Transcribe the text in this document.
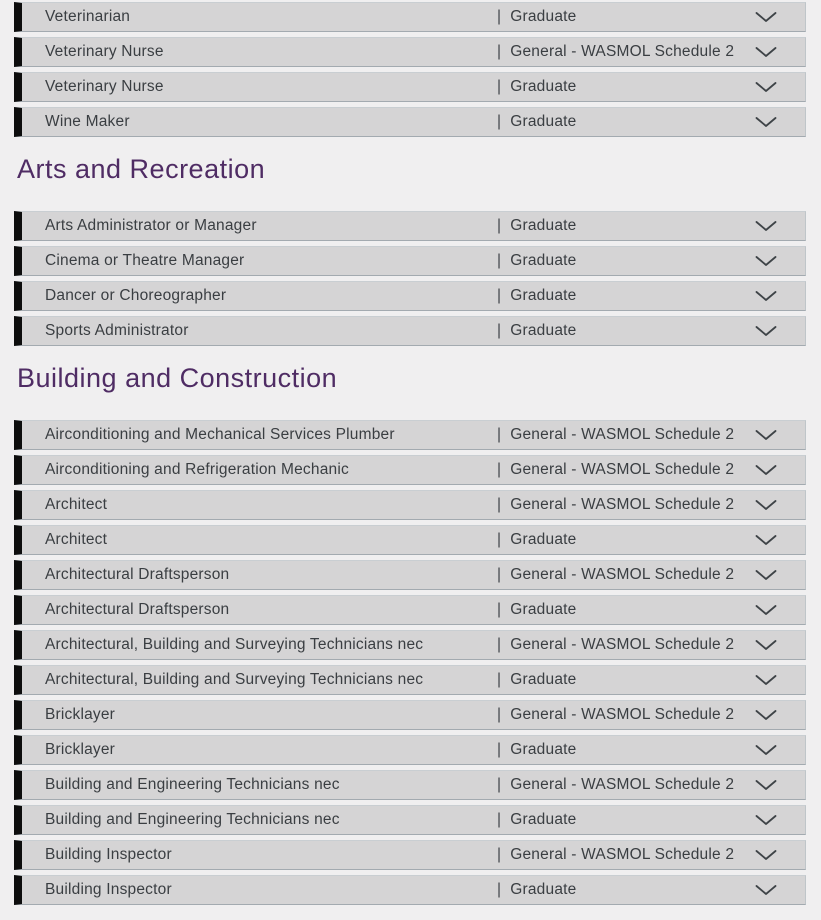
Veterinarian	| Graduate
Veterinary Nurse	| General - WASMOL Schedule 2
Veterinary Nurse	| Graduate
Wine Maker	| Graduate
Arts and Recreation
Arts Administrator or Manager	| Graduate
Cinema or Theatre Manager	| Graduate
Dancer or Choreographer	| Graduate
Sports Administrator	| Graduate
Building and Construction
Airconditioning and Mechanical Services Plumber	| General - WASMOL Schedule 2
Airconditioning and Refrigeration Mechanic	| General - WASMOL Schedule 2
Architect	| General - WASMOL Schedule 2
Architect	| Graduate
Architectural Draftsperson	| General - WASMOL Schedule 2
Architectural Draftsperson	| Graduate
Architectural, Building and Surveying Technicians nec	| General - WASMOL Schedule 2
Architectural, Building and Surveying Technicians nec	| Graduate
Bricklayer	| General - WASMOL Schedule 2
Bricklayer	| Graduate
Building and Engineering Technicians nec	| General - WASMOL Schedule 2
Building and Engineering Technicians nec	| Graduate
Building Inspector	| General - WASMOL Schedule 2
Building Inspector	| Graduate
